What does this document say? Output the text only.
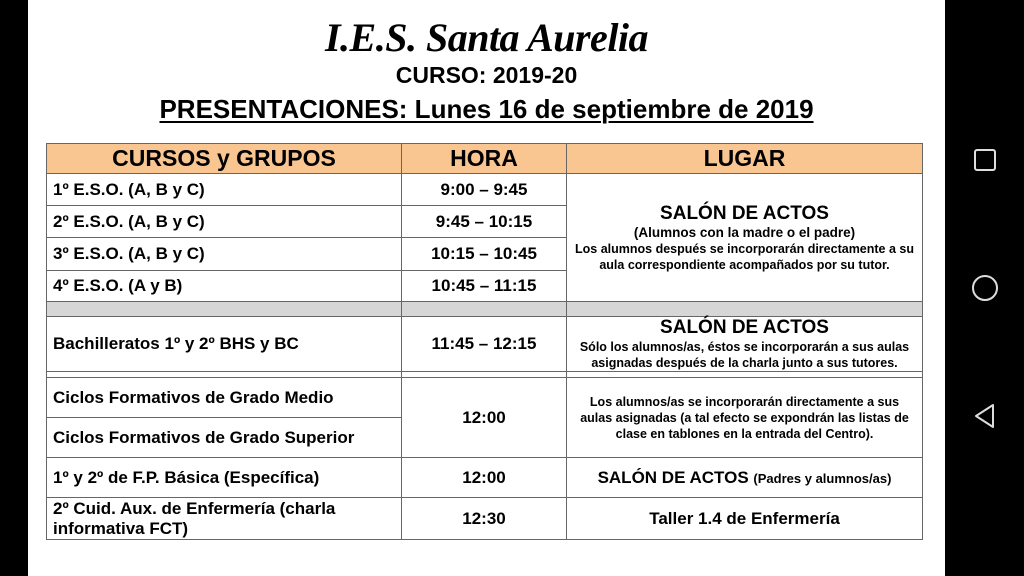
I.E.S. Santa Aurelia
CURSO: 2019-20
PRESENTACIONES: Lunes 16 de septiembre de 2019
CURSOS y GRUPOS	HORA	LUGAR
1º E.S.O. (A, B y C)	9:00 – 9:45	SALÓN DE ACTOS
(Alumnos con la madre o el padre)
Los alumnos después se incorporarán directamente a su aula correspondiente acompañados por su tutor.

2º E.S.O. (A, B y C)	9:45 – 10:15	
3º E.S.O. (A, B y C)	10:15 – 10:45	
4º E.S.O. (A y B)	10:45 – 11:15	

Bachilleratos 1º y 2º BHS y BC	11:45 – 12:15	SALÓN DE ACTOS
Sólo los alumnos/as, éstos se incorporarán a sus aulas asignadas después de la charla junto a sus tutores.

Ciclos Formativos de Grado Medio	12:00	Los alumnos/as se incorporarán directamente a sus aulas asignadas (a tal efecto se expondrán las listas de clase en tablones en la entrada del Centro).

Ciclos Formativos de Grado Superior		
1º y 2º de F.P. Básica (Específica)	12:00	SALÓN DE ACTOS (Padres y alumnos/as)
2º Cuid. Aux. de Enfermería (charla informativa FCT)	12:30	Taller 1.4 de Enfermería
